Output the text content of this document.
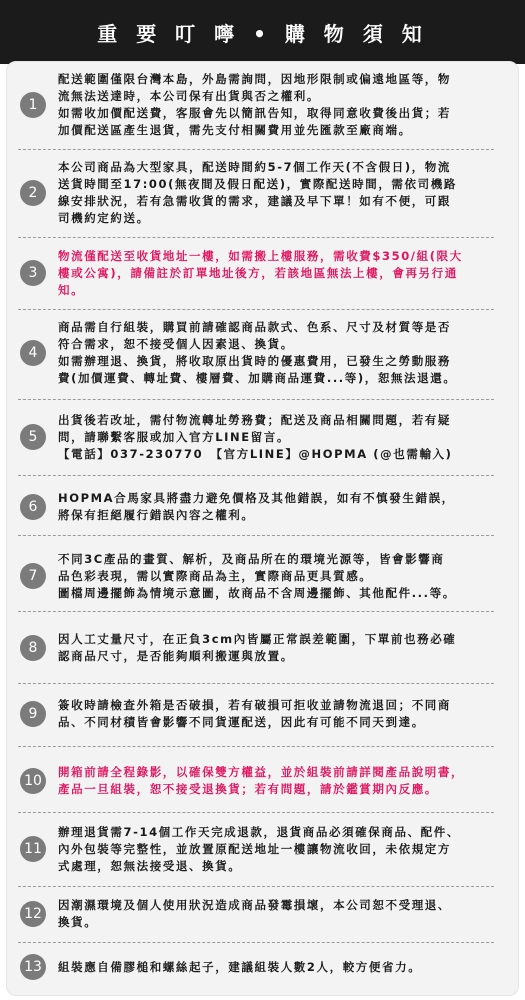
重 要 叮 嚀 • 購 物 須 知
1

配送範圍僅限台灣本島，外島需詢問，因地形限制或偏遠地區等，物

流無法送達時，本公司保有出貨與否之權利。

如需收加價配送費，客服會先以簡訊告知，取得同意收費後出貨；若

加價配送區產生退貨，需先支付相關費用並先匯款至廠商端。

2

本公司商品為大型家具，配送時間約5-7個工作天(不含假日)，物流

送貨時間至17:00(無夜間及假日配送)，實際配送時間，需依司機路

線安排狀況，若有急需收貨的需求，建議及早下單！如有不便，可跟

司機約定約送。

3

物流僅配送至收貨地址一樓，如需搬上樓服務，需收費$350/組(限大

樓或公寓)，請備註於訂單地址後方，若該地區無法上樓，會再另行通

知。

4

商品需自行組裝，購買前請確認商品款式、色系、尺寸及材質等是否

符合需求，恕不接受個人因素退、換貨。

如需辦理退、換貨，將收取原出貨時的優惠費用，已發生之勞動服務

費(加價運費、轉址費、樓層費、加購商品運費...等)，恕無法退還。

5

出貨後若改址，需付物流轉址勞務費；配送及商品相關問題，若有疑

問，請聯繫客服或加入官方LINE留言。

【電話】037-230770　【官方LINE】@HOPMA (@也需輸入)

6

HOPMA合馬家具將盡力避免價格及其他錯誤，如有不慎發生錯誤，

將保有拒絕履行錯誤內容之權利。

7

不同3C產品的畫質、解析，及商品所在的環境光源等，皆會影響商

品色彩表現，需以實際商品為主，實際商品更具質感。

圖檔周邊擺飾為情境示意圖，故商品不含周邊擺飾、其他配件...等。

8

因人工丈量尺寸，在正負3cm內皆屬正常誤差範圍，下單前也務必確

認商品尺寸，是否能夠順利搬運與放置。

9

簽收時請檢查外箱是否破損，若有破損可拒收並請物流退回；不同商

品、不同材積皆會影響不同貨運配送，因此有可能不同天到達。

10

開箱前請全程錄影，以確保雙方權益，並於組裝前請詳閱產品說明書，

產品一旦組裝，恕不接受退換貨；若有問題，請於鑑賞期內反應。

11

辦理退貨需7-14個工作天完成退款，退貨商品必須確保商品、配件、

內外包裝等完整性，並放置原配送地址一樓讓物流收回，未依規定方

式處理，恕無法接受退、換貨。

12

因潮濕環境及個人使用狀況造成商品發霉損壞，本公司恕不受理退、

換貨。

13	組裝應自備膠槌和螺絲起子，建議組裝人數2人，較方便省力。
